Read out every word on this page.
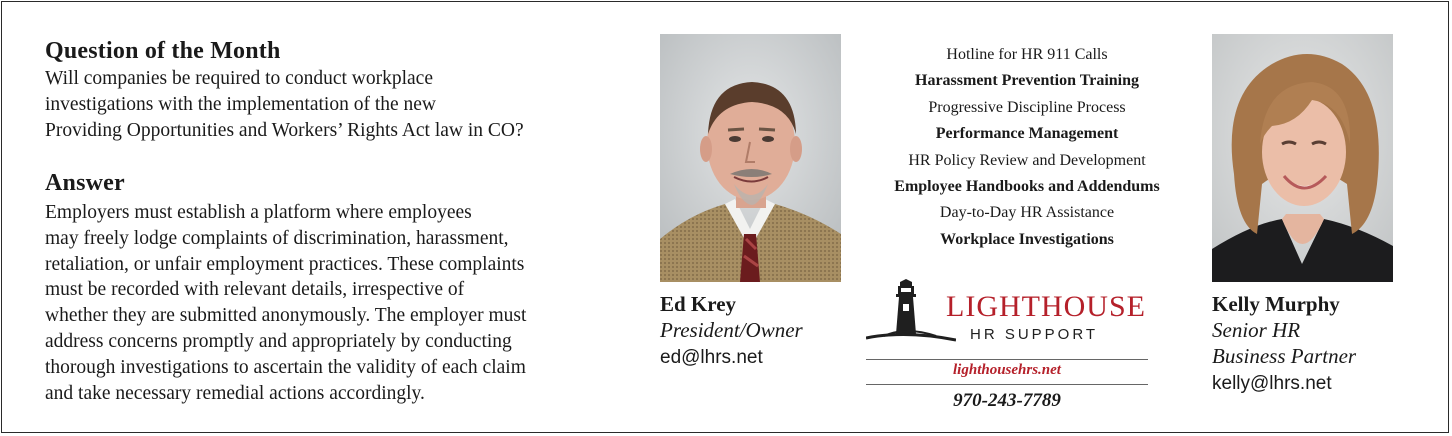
Question of the Month
Will companies be required to conduct workplace
investigations with the implementation of the new
Providing Opportunities and Workers’ Rights Act law in CO?
Answer
Employers must establish a platform where employees
may freely lodge complaints of discrimination, harassment,
retaliation, or unfair employment practices. These complaints
must be recorded with relevant details, irrespective of
whether they are submitted anonymously. The employer must
address concerns promptly and appropriately by conducting
thorough investigations to ascertain the validity of each claim
and take necessary remedial actions accordingly.
Ed Krey
President/Owner
ed@lhrs.net
Kelly Murphy
Senior HR
Business Partner
kelly@lhrs.net
Hotline for HR 911 Calls
Harassment Prevention Training
Progressive Discipline Process
Performance Management
HR Policy Review and Development
Employee Handbooks and Addendums
Day-to-Day HR Assistance
Workplace Investigations
LIGHTHOUSE
HR SUPPORT
lighthousehrs.net
970-243-7789
